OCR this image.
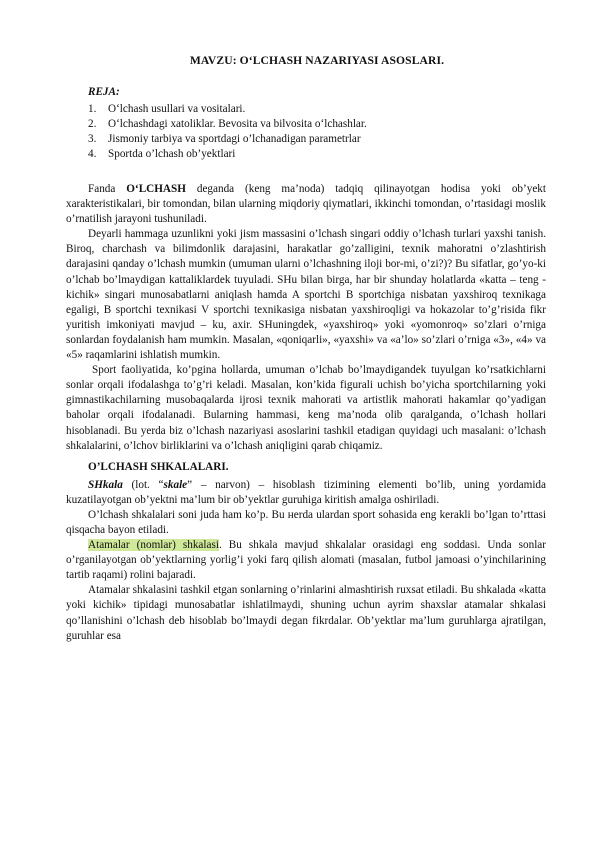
MAVZU: O‘LCHASH NAZARIYASI ASOSLARI.
REJA:
1.	O‘lchash usullari va vositalari.
2.	O‘lchashdagi xatoliklar. Bevosita va bilvosita o‘lchashlar.
3.	Jismoniy tarbiya va sportdagi o’lchanadigan parametrlar
4.	Sportda o’lchash ob’yektlari

Fanda O‘LCHASH deganda (keng ma’noda) tadqiq qilinayotgan hodisa yoki ob’yekt xarakteristikalari, bir tomondan, bilan ularning miqdoriy qiymatlari, ikkinchi tomondan, o’rtasidagi moslik o’rnatilish jarayoni tushuniladi.

Deyarli hammaga uzunlikni yoki jism massasini o’lchash singari oddiy o’lchash turlari yaxshi tanish. Biroq, charchash va bilimdonlik darajasini, harakatlar go’zalligini, texnik mahoratni o’zlashtirish darajasini qanday o’lchash mumkin (umuman ularni o’lchashning iloji bor-mi, o’zi?)? Bu sifatlar, go’yo-ki o’lchab bo’lmaydigan kattaliklardek tuyuladi. SHu bilan birga, har bir shunday holatlarda «katta – teng - kichik» singari munosabatlarni aniqlash hamda A sportchi B sportchiga nisbatan yaxshiroq texnikaga egaligi, B sportchi texnikasi V sportchi texnikasiga nisbatan yaxshiroqligi va hokazolar to’g’risida fikr yuritish imkoniyati mavjud – ku, axir. SHuningdek, «yaxshiroq» yoki «yomonroq» so’zlari o’rniga sonlardan foydalanish ham mumkin. Masalan, «qoniqarli», «yaxshi» va «a’lo» so’zlari o’rniga «3», «4» va «5» raqamlarini ishlatish mumkin.

Sport faoliyatida, ko’pgina hollarda, umuman o’lchab bo’lmaydigandek tuyulgan ko’rsatkichlarni sonlar orqali ifodalashga to’g’ri keladi. Masalan, kon’kida figurali uchish bo’yicha sportchilarning yoki gimnastikachilarning musobaqalarda ijrosi texnik mahorati va artistlik mahorati hakamlar qo’yadigan baholar orqali ifodalanadi. Bularning hammasi, keng ma’noda olib qaralganda, o’lchash hollari hisoblanadi. Bu yerda biz o’lchash nazariyasi asoslarini tashkil etadigan quyidagi uch masalani: o’lchash shkalalarini, o’lchov birliklarini va o’lchash aniqligini qarab chiqamiz.

O’LCHASH SHKALALARI.

SHkala (lot. “skale” – narvon) – hisoblash tizimining elementi bo’lib, uning yordamida kuzatilayotgan ob’yektni ma’lum bir ob’yektlar guruhiga kiritish amalga oshiriladi.

O’lchash shkalalari soni juda ham ko’p. Bu нerda ulardan sport sohasida eng kerakli bo’lgan to’rttasi qisqacha bayon etiladi.

Atamalar (nomlar) shkalasi. Bu shkala mavjud shkalalar orasidagi eng soddasi. Unda sonlar o’rganilayotgan ob’yektlarning yorlig’i yoki farq qilish alomati (masalan, futbol jamoasi o’yinchilarining tartib raqami) rolini bajaradi.

Atamalar shkalasini tashkil etgan sonlarning o’rinlarini almashtirish ruxsat etiladi. Bu shkalada «katta yoki kichik» tipidagi munosabatlar ishlatilmaydi, shuning uchun ayrim shaxslar atamalar shkalasi qo’llanishini o’lchash deb hisoblab bo’lmaydi degan fikrdalar. Ob’yektlar ma’lum guruhlarga ajratilgan, guruhlar esa
